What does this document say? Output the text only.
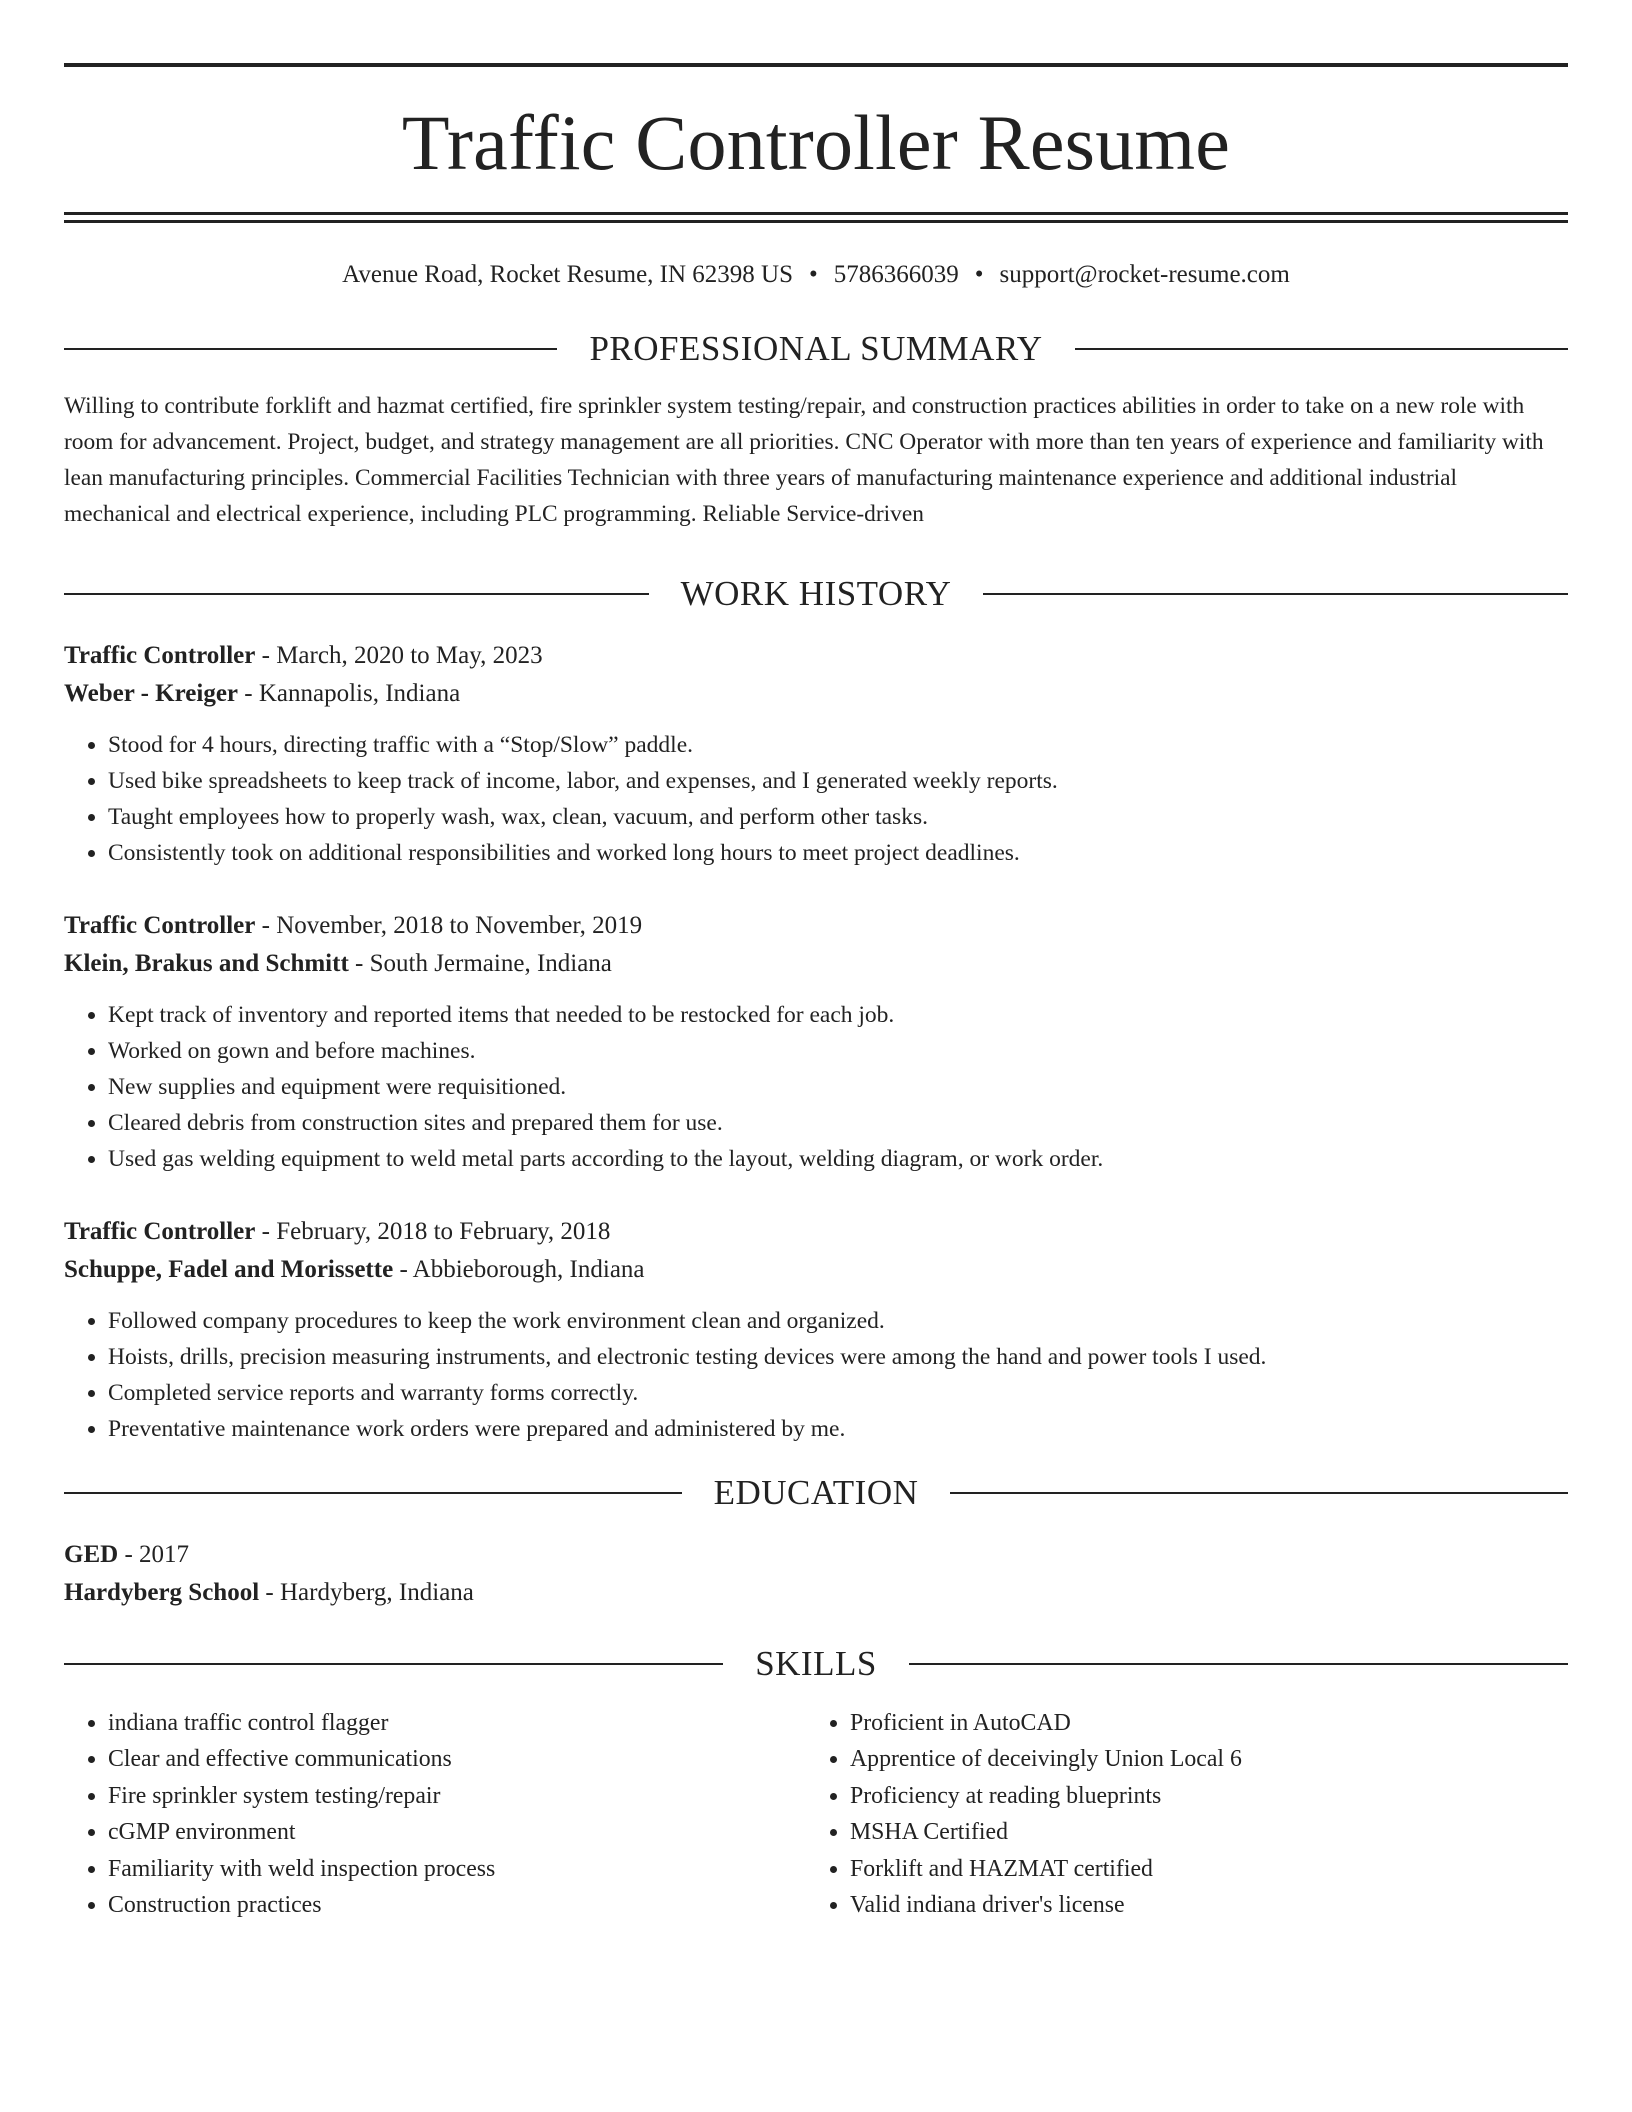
Traffic Controller Resume
Avenue Road, Rocket Resume, IN 62398 US • 5786366039 • support@rocket-resume.com
PROFESSIONAL SUMMARY
Willing to contribute forklift and hazmat certified, fire sprinkler system testing/repair, and construction practices abilities in order to take on a new role with room for advancement. Project, budget, and strategy management are all priorities. CNC Operator with more than ten years of experience and familiarity with lean manufacturing principles. Commercial Facilities Technician with three years of manufacturing maintenance experience and additional industrial mechanical and electrical experience, including PLC programming. Reliable Service-driven
WORK HISTORY
Traffic Controller - March, 2020 to May, 2023
Weber - Kreiger - Kannapolis, Indiana
• Stood for 4 hours, directing traffic with a “Stop/Slow” paddle.
• Used bike spreadsheets to keep track of income, labor, and expenses, and I generated weekly reports.
• Taught employees how to properly wash, wax, clean, vacuum, and perform other tasks.
• Consistently took on additional responsibilities and worked long hours to meet project deadlines.
Traffic Controller - November, 2018 to November, 2019
Klein, Brakus and Schmitt - South Jermaine, Indiana
• Kept track of inventory and reported items that needed to be restocked for each job.
• Worked on gown and before machines.
• New supplies and equipment were requisitioned.
• Cleared debris from construction sites and prepared them for use.
• Used gas welding equipment to weld metal parts according to the layout, welding diagram, or work order.
Traffic Controller - February, 2018 to February, 2018
Schuppe, Fadel and Morissette - Abbieborough, Indiana
• Followed company procedures to keep the work environment clean and organized.
• Hoists, drills, precision measuring instruments, and electronic testing devices were among the hand and power tools I used.
• Completed service reports and warranty forms correctly.
• Preventative maintenance work orders were prepared and administered by me.
EDUCATION
GED - 2017
Hardyberg School - Hardyberg, Indiana
SKILLS
• indiana traffic control flagger
• Clear and effective communications
• Fire sprinkler system testing/repair
• cGMP environment
• Familiarity with weld inspection process
• Construction practices
• Proficient in AutoCAD
• Apprentice of deceivingly Union Local 6
• Proficiency at reading blueprints
• MSHA Certified
• Forklift and HAZMAT certified
• Valid indiana driver's license
